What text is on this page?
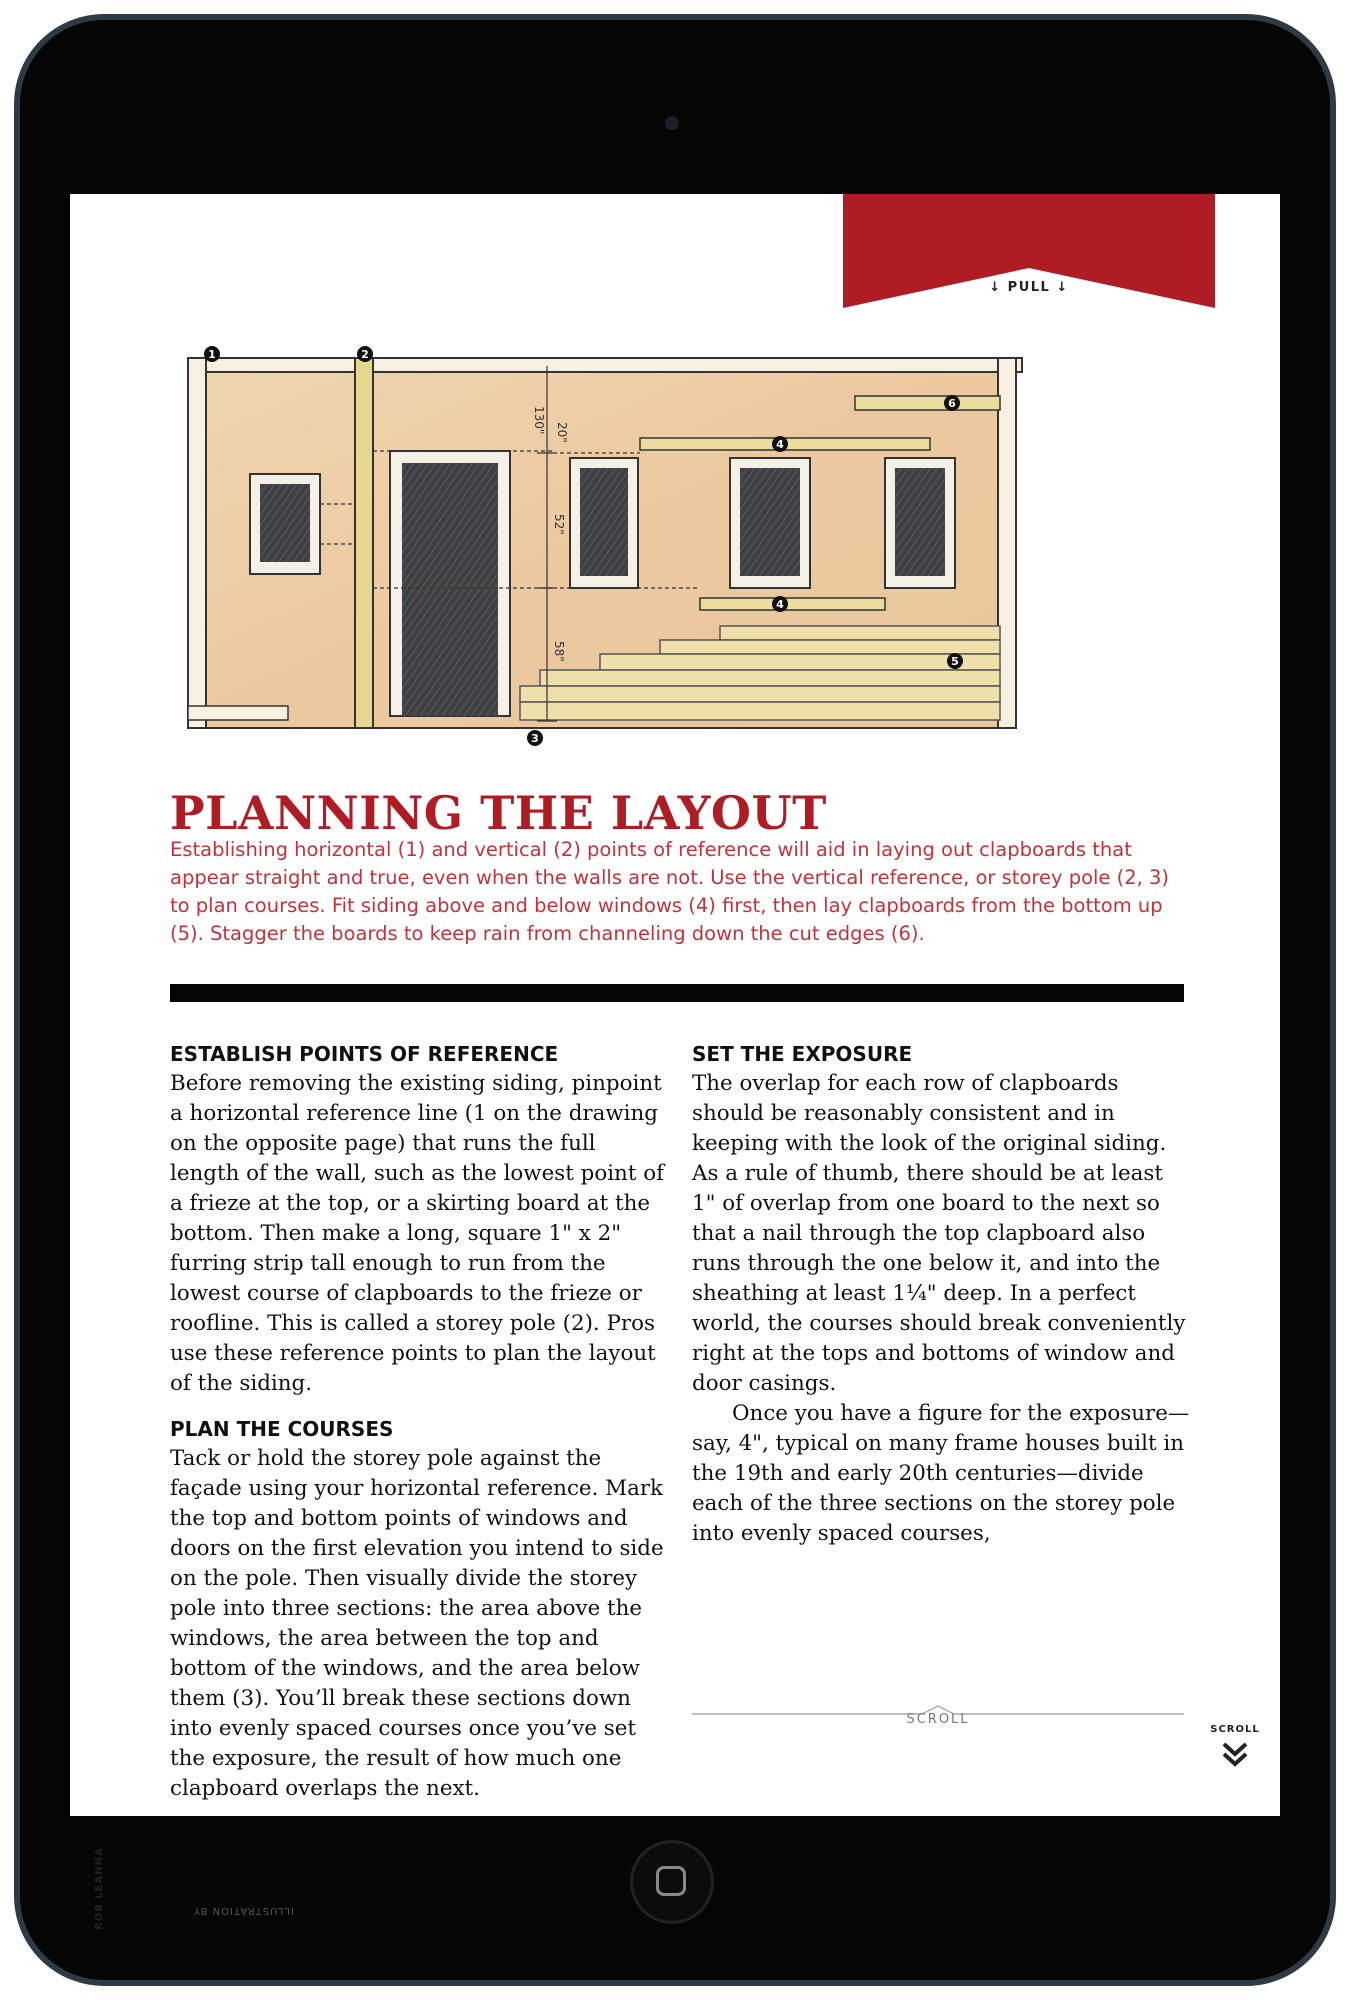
↓ PULL ↓
130" 20"
52"
58"
1	2
3
4
4
5
6
PLANNING THE LAYOUT
Establishing horizontal (1) and vertical (2) points of reference will aid in laying out clapboards that appear straight and true, even when the walls are not. Use the vertical reference, or storey pole (2, 3) to plan courses. Fit siding above and below windows (4) first, then lay clapboards from the bottom up (5). Stagger the boards to keep rain from channeling down the cut edges (6).
ESTABLISH POINTS OF REFERENCE

Before removing the existing siding, pinpoint a horizontal reference line (1 on the drawing on the opposite page) that runs the full length of the wall, such as the lowest point of a frieze at the top, or a skirting board at the bottom. Then make a long, square 1" x 2" furring strip tall enough to run from the lowest course of clapboards to the frieze or roofline. This is called a storey pole (2). Pros use these reference points to plan the layout of the siding.

PLAN THE COURSES

Tack or hold the storey pole against the façade using your horizontal reference. Mark the top and bottom points of windows and doors on the first elevation you intend to side on the pole. Then visually divide the storey pole into three sections: the area above the windows, the area between the top and bottom of the windows, and the area below them (3). You’ll break these sections down into evenly spaced courses once you’ve set the exposure, the result of how much one clapboard overlaps the next.

SET THE EXPOSURE

The overlap for each row of clapboards should be reasonably consistent and in keeping with the look of the original siding. As a rule of thumb, there should be at least 1" of overlap from one board to the next so that a nail through the top clapboard also runs through the one below it, and into the sheathing at least 1¼" deep. In a perfect world, the courses should break conveniently right at the tops and bottoms of window and door casings.

Once you have a figure for the exposure—say, 4", typical on many frame houses built in the 19th and early 20th centuries—divide each of the three sections on the storey pole into evenly spaced courses,

ILLUSTRATION BY
ROB LEANNA
SCROLL
SCROLL
